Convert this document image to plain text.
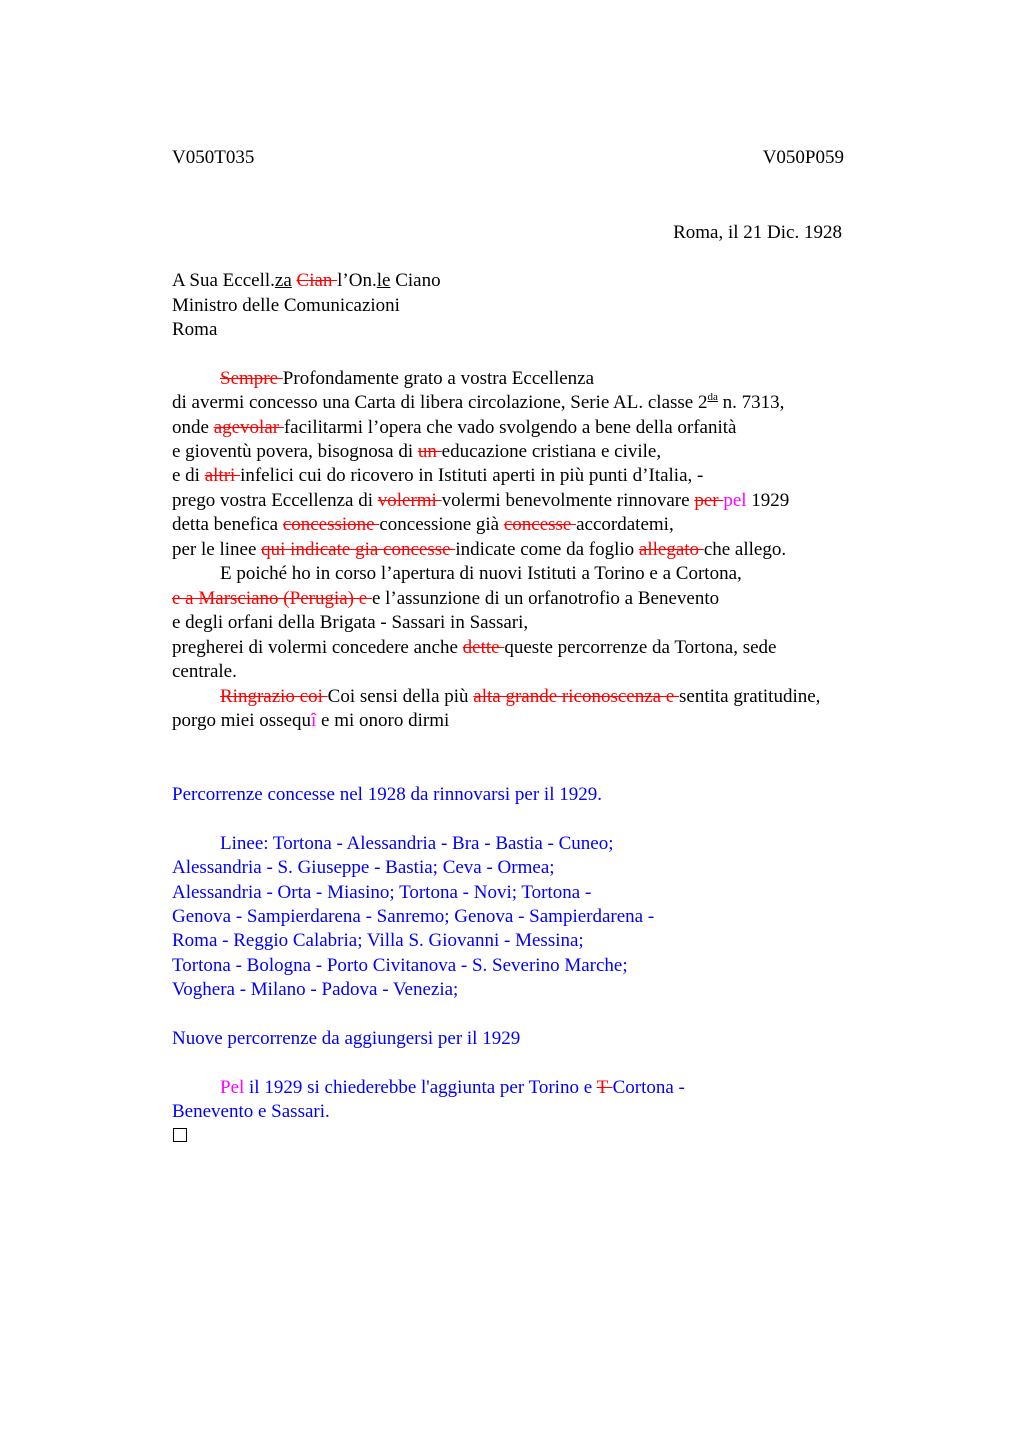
V050T035	V050P059
Roma, il 21 Dic. 1928
A Sua Eccell.za Cian l’On.le Ciano
Ministro delle Comunicazioni
Roma
Sempre Profondamente grato a vostra Eccellenza
di avermi concesso una Carta di libera circolazione, Serie AL. classe $2^{da}$ n. 7313,
onde agevolar facilitarmi l’opera che vado svolgendo a bene della orfanità
e gioventù povera, bisognosa di un educazione cristiana e civile,
e di altri infelici cui do ricovero in Istituti aperti in più punti d’Italia, -
prego vostra Eccellenza di volermi volermi benevolmente rinnovare per pel 1929
detta benefica concessione concessione già concesse accordatemi,
per le linee qui indicate gia concesse indicate come da foglio allegato che allego.
E poiché ho in corso l’apertura di nuovi Istituti a Torino e a Cortona,
e a Marsciano (Perugia) e e l’assunzione di un orfanotrofio a Benevento
e degli orfani della Brigata - Sassari in Sassari,
pregherei di volermi concedere anche dette queste percorrenze da Tortona, sede
centrale.
Ringrazio coi Coi sensi della più alta grande riconoscenza e sentita gratitudine,
porgo miei ossequî e mi onoro dirmi
Percorrenze concesse nel 1928 da rinnovarsi per il 1929.
Linee: Tortona - Alessandria - Bra - Bastia - Cuneo;
Alessandria - S. Giuseppe - Bastia; Ceva - Ormea;
Alessandria - Orta - Miasino; Tortona - Novi; Tortona -
Genova - Sampierdarena - Sanremo; Genova - Sampierdarena -
Roma - Reggio Calabria; Villa S. Giovanni - Messina;
Tortona - Bologna - Porto Civitanova - S. Severino Marche;
Voghera - Milano - Padova - Venezia;
Nuove percorrenze da aggiungersi per il 1929
Pel il 1929 si chiederebbe l'aggiunta per Torino e T Cortona -
Benevento e Sassari.
